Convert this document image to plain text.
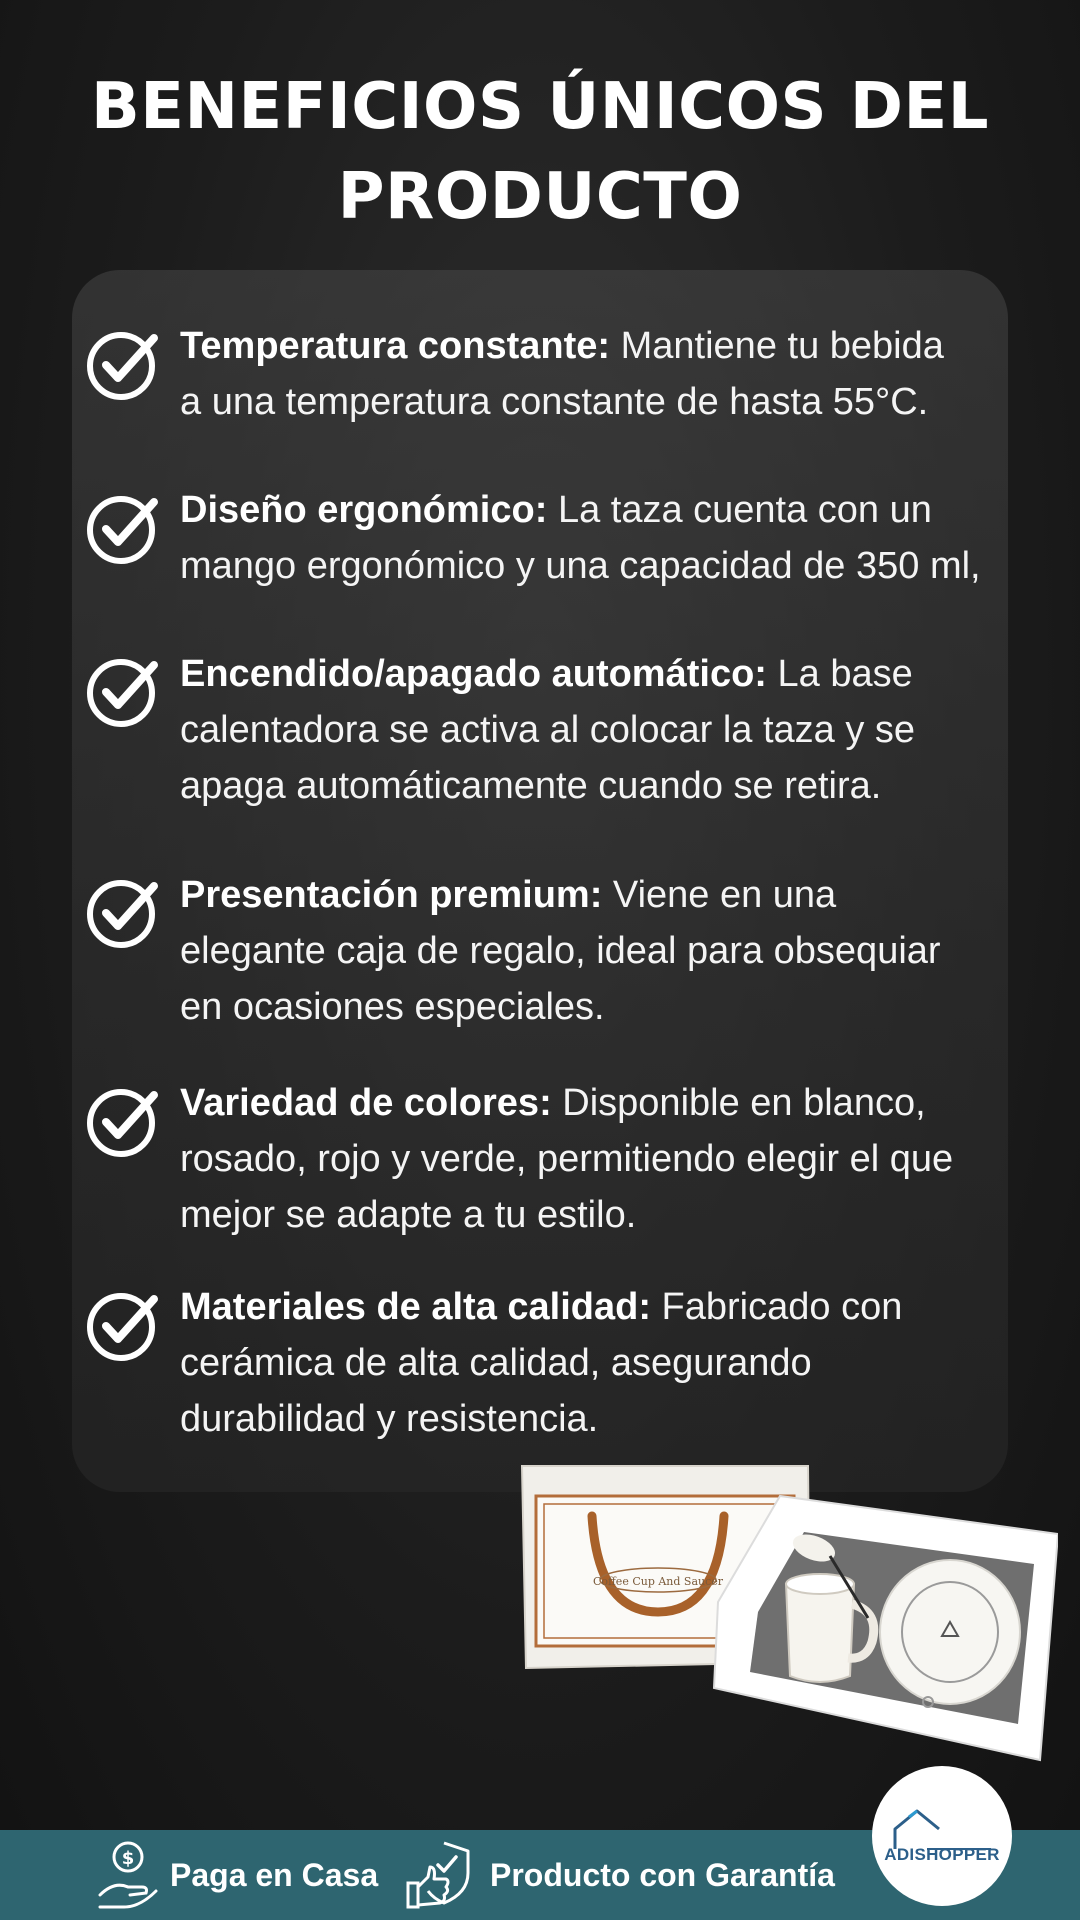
BENEFICIOS ÚNICOS DEL
PRODUCTO
Temperatura constante: Mantiene tu bebida
a una temperatura constante de hasta 55°C.
Diseño ergonómico: La taza cuenta con un
mango ergonómico y una capacidad de 350 ml,
Encendido/apagado automático: La base
calentadora se activa al colocar la taza y se
apaga automáticamente cuando se retira.
Presentación premium: Viene en una
elegante caja de regalo, ideal para obsequiar
en ocasiones especiales.
Variedad de colores: Disponible en blanco,
rosado, rojo y verde, permitiendo elegir el que
mejor se adapte a tu estilo.
Materiales de alta calidad: Fabricado con
cerámica de alta calidad, asegurando
durabilidad y resistencia.
Coffee Cup And Saucer
$ Paga en Casa	Producto con Garantía
ADISHOPPER
